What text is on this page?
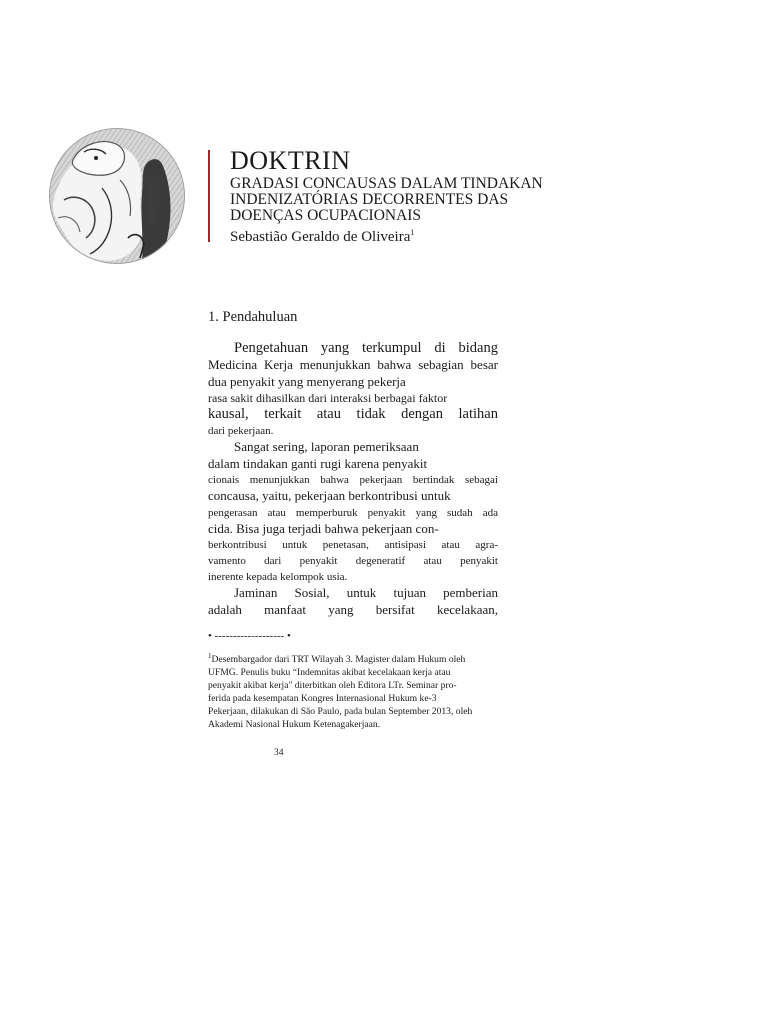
DOKTRIN
GRADASI CONCAUSAS DALAM TINDAKAN
INDENIZATÓRIAS DECORRENTES DAS
DOENÇAS OCUPACIONAIS
Sebastião Geraldo de Oliveira$^1$
1. Pendahuluan

Pengetahuan yang terkumpul di bidang

Medicina Kerja menunjukkan bahwa sebagian besar

dua penyakit yang menyerang pekerja

rasa sakit dihasilkan dari interaksi berbagai faktor

kausal, terkait atau tidak dengan latihan

dari pekerjaan.

Sangat sering, laporan pemeriksaan

dalam tindakan ganti rugi karena penyakit

cionais menunjukkan bahwa pekerjaan bertindak sebagai

concausa, yaitu, pekerjaan berkontribusi untuk

pengerasan atau memperburuk penyakit yang sudah ada

cida. Bisa juga terjadi bahwa pekerjaan con-

berkontribusi untuk penetasan, antisipasi atau agra-

vamento dari penyakit degeneratif atau penyakit

inerente kepada kelompok usia.

Jaminan Sosial, untuk tujuan pemberian

adalah manfaat yang bersifat kecelakaan,

• ------------------- •

$^1$Desembargador dari TRT Wilayah 3. Magister dalam Hukum oleh

UFMG. Penulis buku “Indemnitas akibat kecelakaan kerja atau

penyakit akibat kerja" diterbitkan oleh Editora LTr. Seminar pro-

ferida pada kesempatan Kongres Internasional Hukum ke-3

Pekerjaan, dilakukan di São Paulo, pada bulan September 2013, oleh

Akademi Nasional Hukum Ketenagakerjaan.

34
